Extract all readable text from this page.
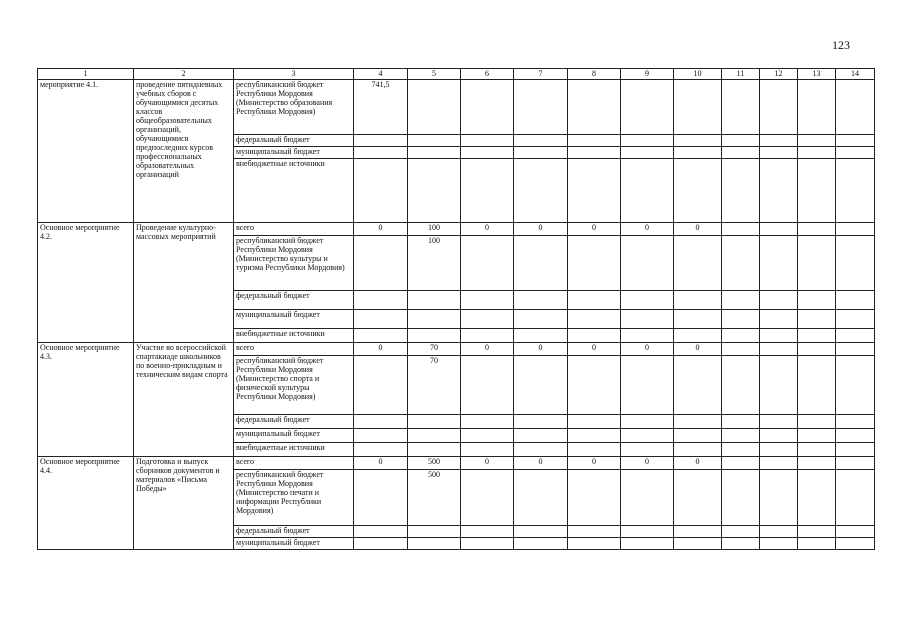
123
1	2	3	4	5	6	7	8	9	10	11	12	13	14
мероприятие 4.1.	проведение пятидневных учебных сборов с обучающимися десятых классов общеобразовательных организаций, обучающимися предпоследних курсов профессиональных образовательных организаций	республиканский бюджет Республики Мордовия (Министерство образования Республики Мордовия)	741,5										
		федеральный бюджет											
		муниципальный бюджет											
		внебюджетные источники											
Основное мероприятие 4.2.	Проведение культурно-массовых мероприятий	всего	0	100	0	0	0	0	0				
		республиканский бюджет Республики Мордовия (Министерство культуры и туризма Республики Мордовия)		100									
		федеральный бюджет											
		муниципальный бюджет											
		внебюджетные источники											
Основное мероприятие 4.3.	Участие во всероссийской спартакиаде школьников по военно-прикладным и техническим видам спорта	всего	0	70	0	0	0	0	0				
		республиканский бюджет Республики Мордовия (Министерство спорта и физической культуры Республики Мордовия)		70									
		федеральный бюджет											
		муниципальный бюджет											
		внебюджетные источники											
Основное мероприятие 4.4.	Подготовка и выпуск сборников документов и материалов «Письма Победы»	всего	0	500	0	0	0	0	0				
		республиканский бюджет Республики Мордовия (Министерство печати и информации Республики Мордовия)		500									
		федеральный бюджет											
		муниципальный бюджет											
